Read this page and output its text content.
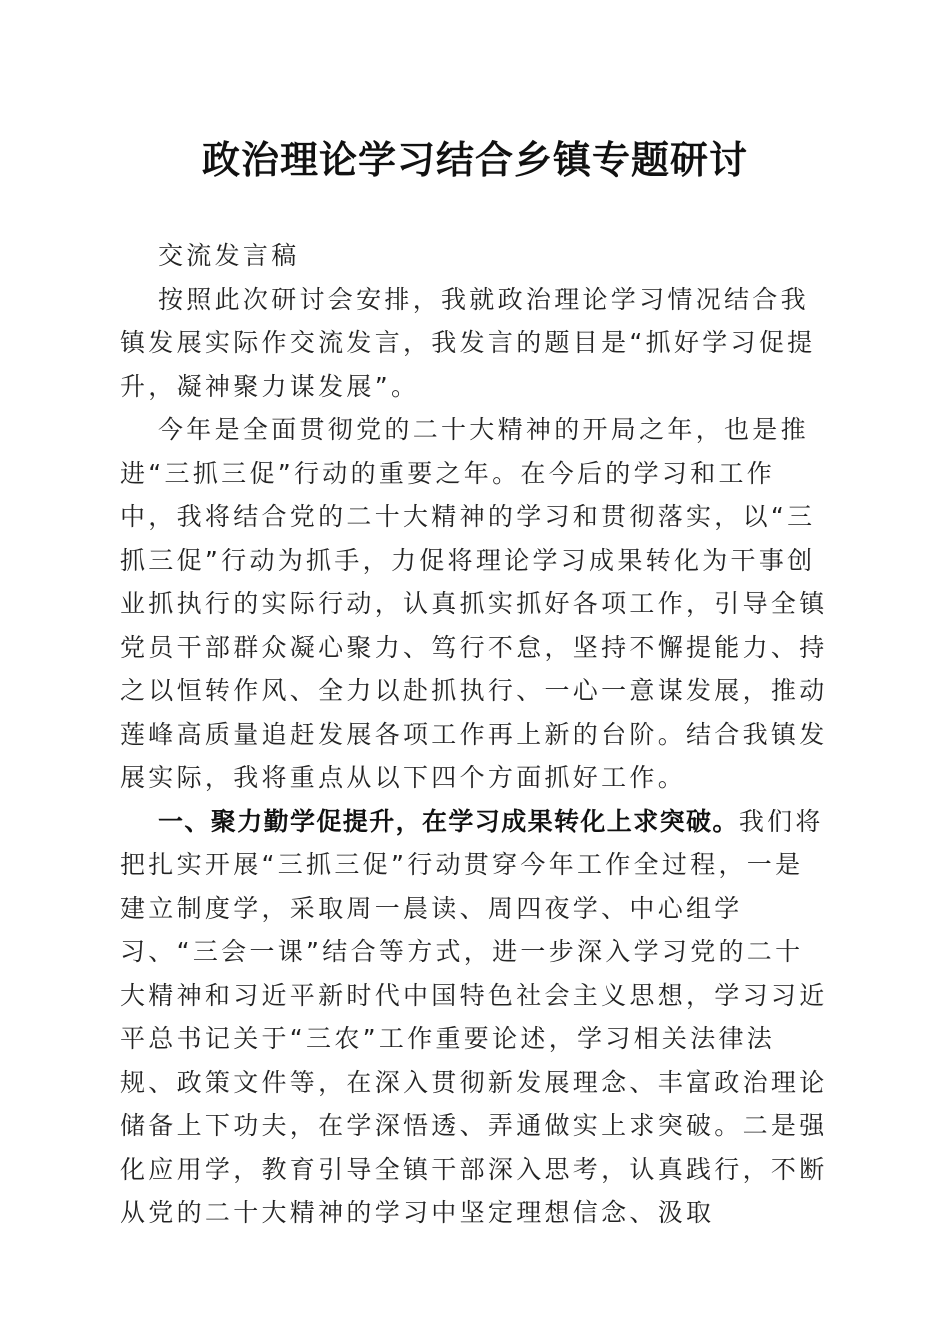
政治理论学习结合乡镇专题研讨

交流发言稿

按照此次研讨会安排，我就政治理论学习情况结合我镇发展实际作交流发言，我发言的题目是“抓好学习促提升，凝神聚力谋发展”。

今年是全面贯彻党的二十大精神的开局之年，也是推进“三抓三促”行动的重要之年。在今后的学习和工作中，我将结合党的二十大精神的学习和贯彻落实，以“三抓三促”行动为抓手，力促将理论学习成果转化为干事创业抓执行的实际行动，认真抓实抓好各项工作，引导全镇党员干部群众凝心聚力、笃行不怠，坚持不懈提能力、持之以恒转作风、全力以赴抓执行、一心一意谋发展，推动莲峰高质量追赶发展各项工作再上新的台阶。结合我镇发展实际，我将重点从以下四个方面抓好工作。

一、聚力勤学促提升，在学习成果转化上求突破。我们将把扎实开展“三抓三促”行动贯穿今年工作全过程，一是建立制度学，采取周一晨读、周四夜学、中心组学习、“三会一课”结合等方式，进一步深入学习党的二十大精神和习近平新时代中国特色社会主义思想，学习习近平总书记关于“三农”工作重要论述，学习相关法律法规、政策文件等，在深入贯彻新发展理念、丰富政治理论储备上下功夫，在学深悟透、弄通做实上求突破。二是强化应用学，教育引导全镇干部深入思考，认真践行，不断从党的二十大精神的学习中坚定理想信念、汲取
